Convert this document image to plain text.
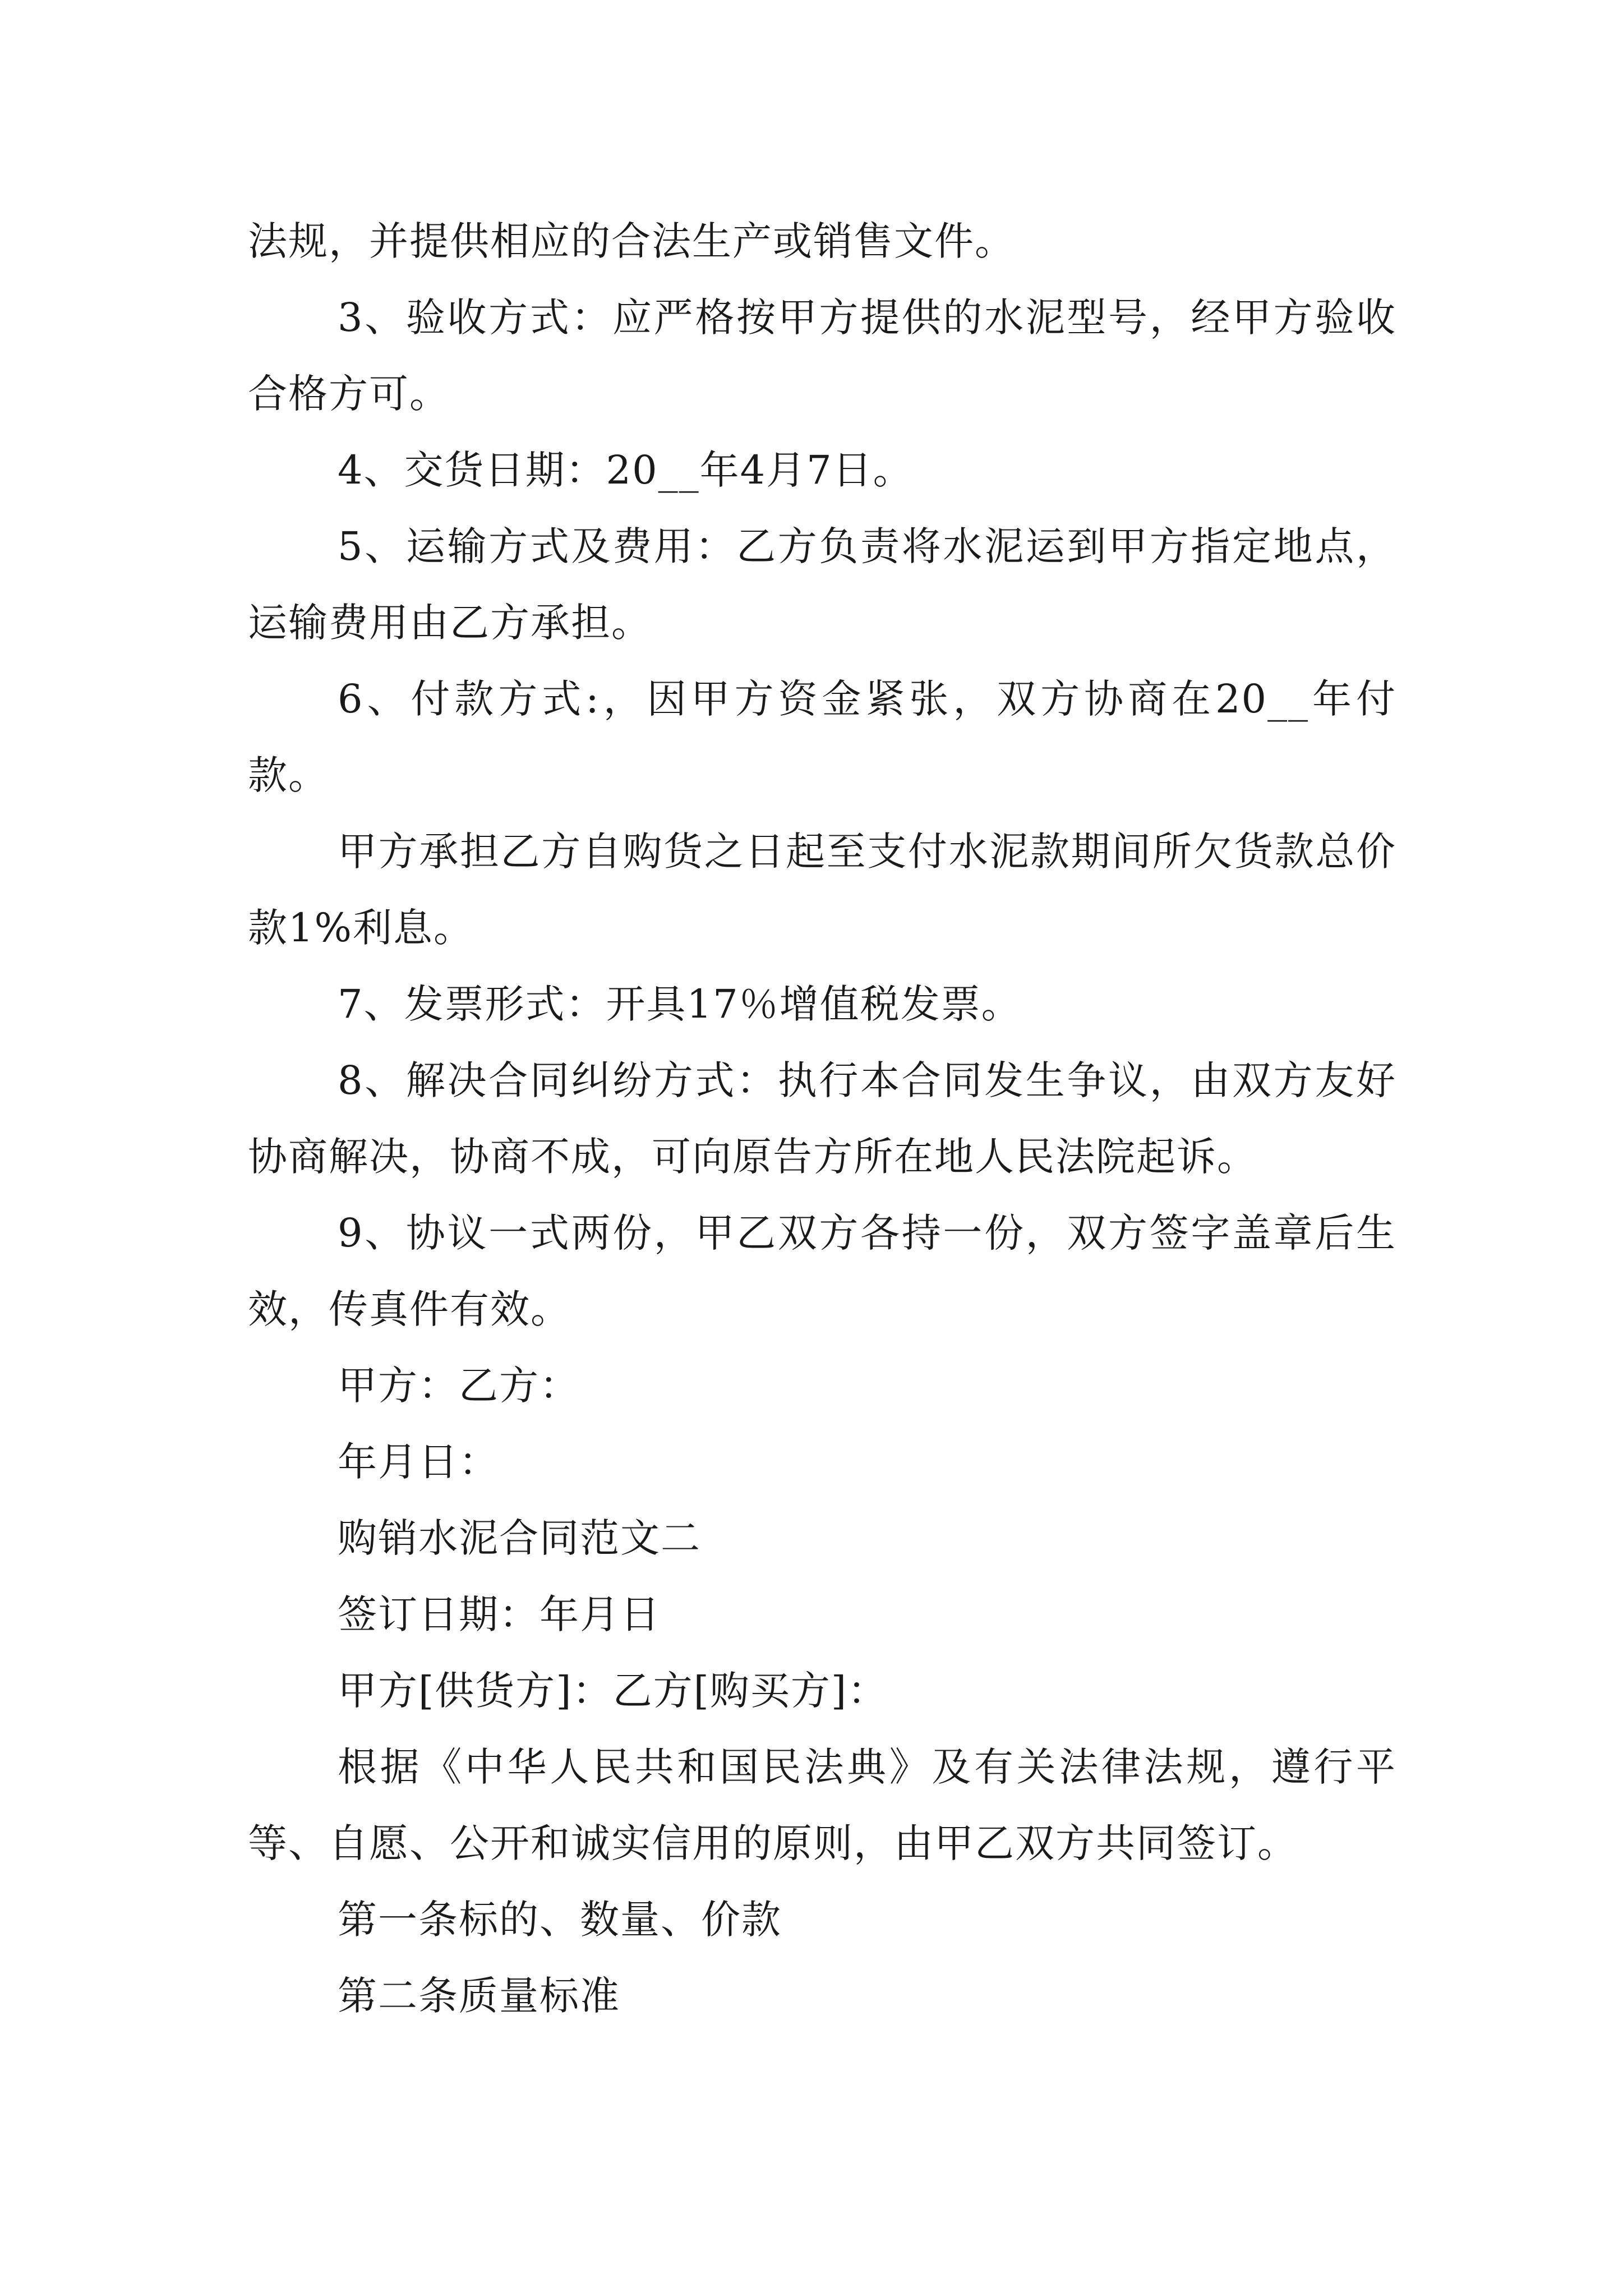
法规，并提供相应的合法生产或销售文件。

3、验收方式：应严格按甲方提供的水泥型号，经甲方验收合格方可。

4、交货日期：20__年4月7日。

5、运输方式及费用：乙方负责将水泥运到甲方指定地点，运输费用由乙方承担。

6、付款方式:，因甲方资金紧张，双方协商在20__年付款。

甲方承担乙方自购货之日起至支付水泥款期间所欠货款总价款1%利息。

7、发票形式：开具17％增值税发票。

8、解决合同纠纷方式：执行本合同发生争议，由双方友好协商解决，协商不成，可向原告方所在地人民法院起诉。

9、协议一式两份，甲乙双方各持一份，双方签字盖章后生效，传真件有效。

甲方：乙方：

年月日：

购销水泥合同范文二

签订日期：年月日

甲方[供货方]：乙方[购买方]：

根据《中华人民共和国民法典》及有关法律法规，遵行平等、自愿、公开和诚实信用的原则，由甲乙双方共同签订。

第一条标的、数量、价款

第二条质量标准
